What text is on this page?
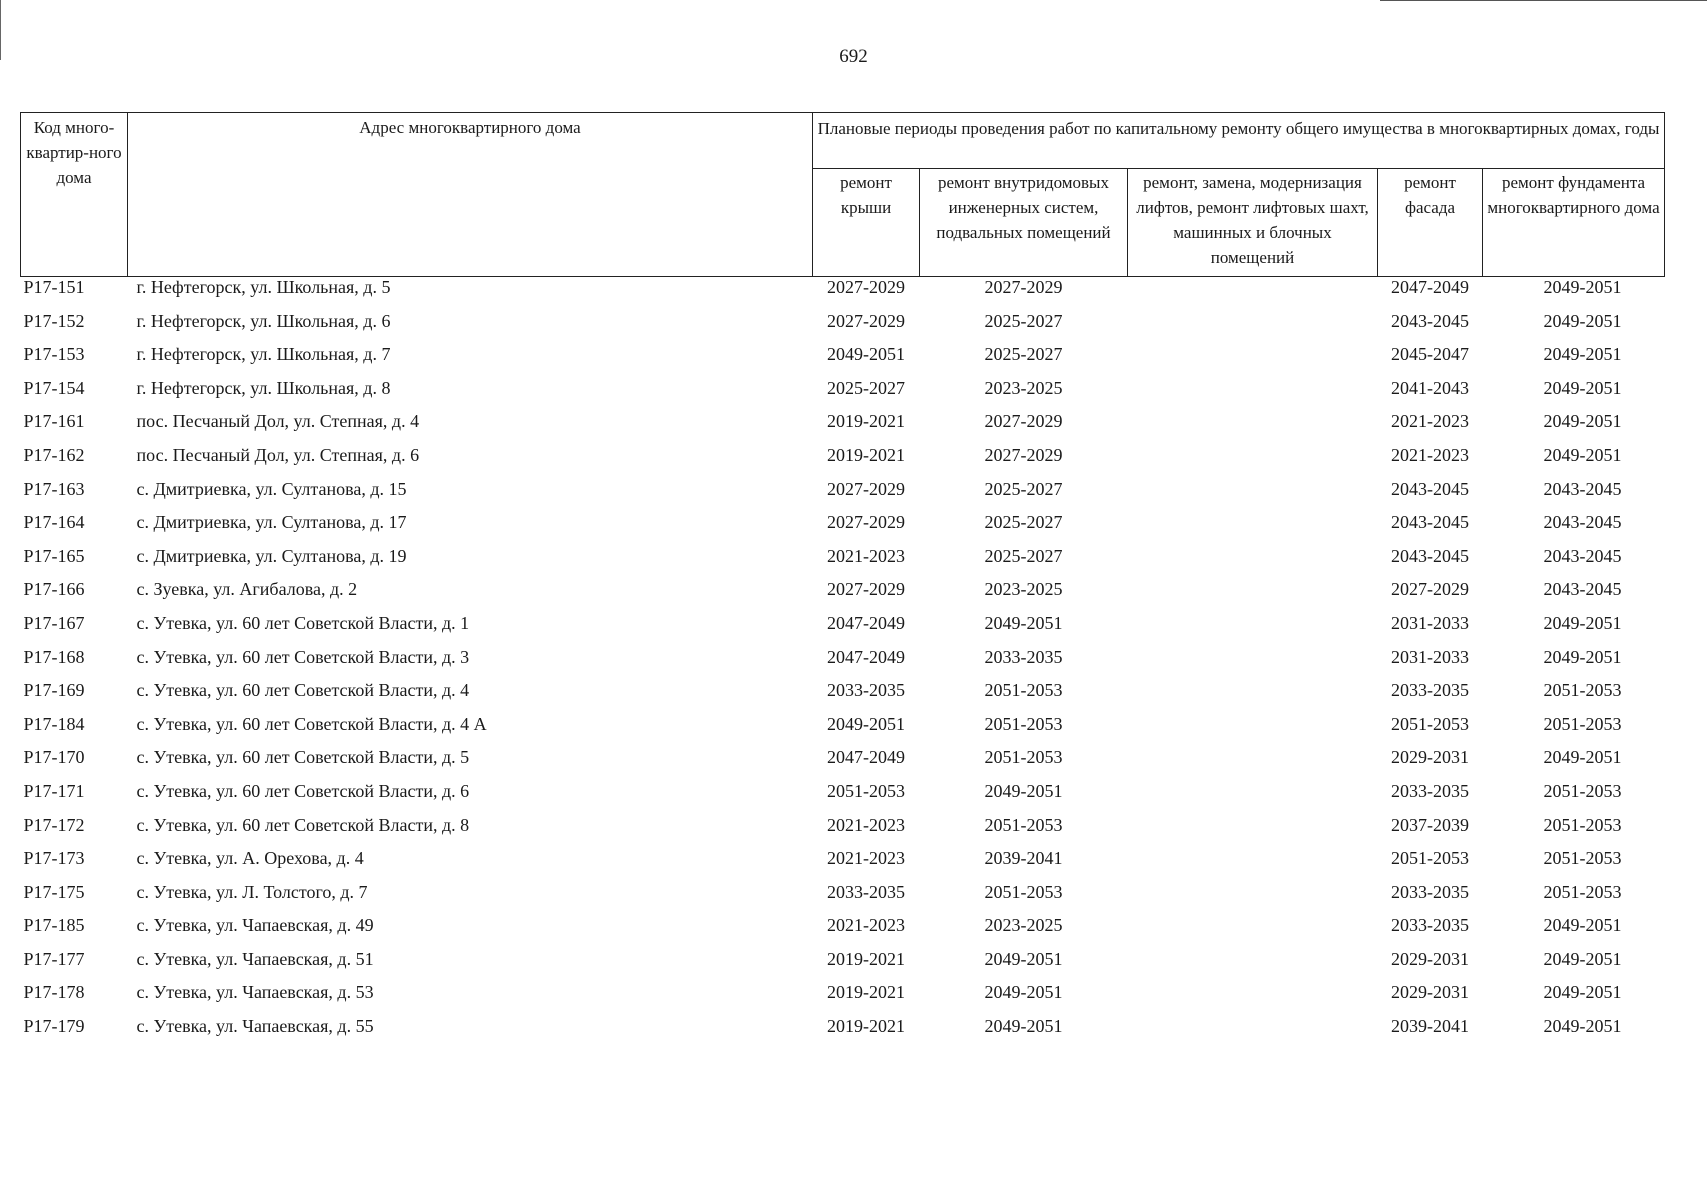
692
Код много-квартир-ного дома	Адрес многоквартирного дома	Плановые периоды проведения работ по капитальному ремонту общего имущества в многоквартирных домах, годы				
		ремонт крыши	ремонт внутридомовых инженерных систем, подвальных помещений	ремонт, замена, модернизация лифтов, ремонт лифтовых шахт, машинных и блочных помещений	ремонт фасада	ремонт фундамента многоквартирного дома
Р17-151	г. Нефтегорск, ул. Школьная, д. 5	2027-2029	2027-2029		2047-2049	2049-2051
Р17-152	г. Нефтегорск, ул. Школьная, д. 6	2027-2029	2025-2027		2043-2045	2049-2051
Р17-153	г. Нефтегорск, ул. Школьная, д. 7	2049-2051	2025-2027		2045-2047	2049-2051
Р17-154	г. Нефтегорск, ул. Школьная, д. 8	2025-2027	2023-2025		2041-2043	2049-2051
Р17-161	пос. Песчаный Дол, ул. Степная, д. 4	2019-2021	2027-2029		2021-2023	2049-2051
Р17-162	пос. Песчаный Дол, ул. Степная, д. 6	2019-2021	2027-2029		2021-2023	2049-2051
Р17-163	с. Дмитриевка, ул. Султанова, д. 15	2027-2029	2025-2027		2043-2045	2043-2045
Р17-164	с. Дмитриевка, ул. Султанова, д. 17	2027-2029	2025-2027		2043-2045	2043-2045
Р17-165	с. Дмитриевка, ул. Султанова, д. 19	2021-2023	2025-2027		2043-2045	2043-2045
Р17-166	с. Зуевка, ул. Агибалова, д. 2	2027-2029	2023-2025		2027-2029	2043-2045
Р17-167	с. Утевка, ул. 60 лет Советской Власти, д. 1	2047-2049	2049-2051		2031-2033	2049-2051
Р17-168	с. Утевка, ул. 60 лет Советской Власти, д. 3	2047-2049	2033-2035		2031-2033	2049-2051
Р17-169	с. Утевка, ул. 60 лет Советской Власти, д. 4	2033-2035	2051-2053		2033-2035	2051-2053
Р17-184	с. Утевка, ул. 60 лет Советской Власти, д. 4 А	2049-2051	2051-2053		2051-2053	2051-2053
Р17-170	с. Утевка, ул. 60 лет Советской Власти, д. 5	2047-2049	2051-2053		2029-2031	2049-2051
Р17-171	с. Утевка, ул. 60 лет Советской Власти, д. 6	2051-2053	2049-2051		2033-2035	2051-2053
Р17-172	с. Утевка, ул. 60 лет Советской Власти, д. 8	2021-2023	2051-2053		2037-2039	2051-2053
Р17-173	с. Утевка, ул. А. Орехова, д. 4	2021-2023	2039-2041		2051-2053	2051-2053
Р17-175	с. Утевка, ул. Л. Толстого, д. 7	2033-2035	2051-2053		2033-2035	2051-2053
Р17-185	с. Утевка, ул. Чапаевская, д. 49	2021-2023	2023-2025		2033-2035	2049-2051
Р17-177	с. Утевка, ул. Чапаевская, д. 51	2019-2021	2049-2051		2029-2031	2049-2051
Р17-178	с. Утевка, ул. Чапаевская, д. 53	2019-2021	2049-2051		2029-2031	2049-2051
Р17-179	с. Утевка, ул. Чапаевская, д. 55	2019-2021	2049-2051		2039-2041	2049-2051
